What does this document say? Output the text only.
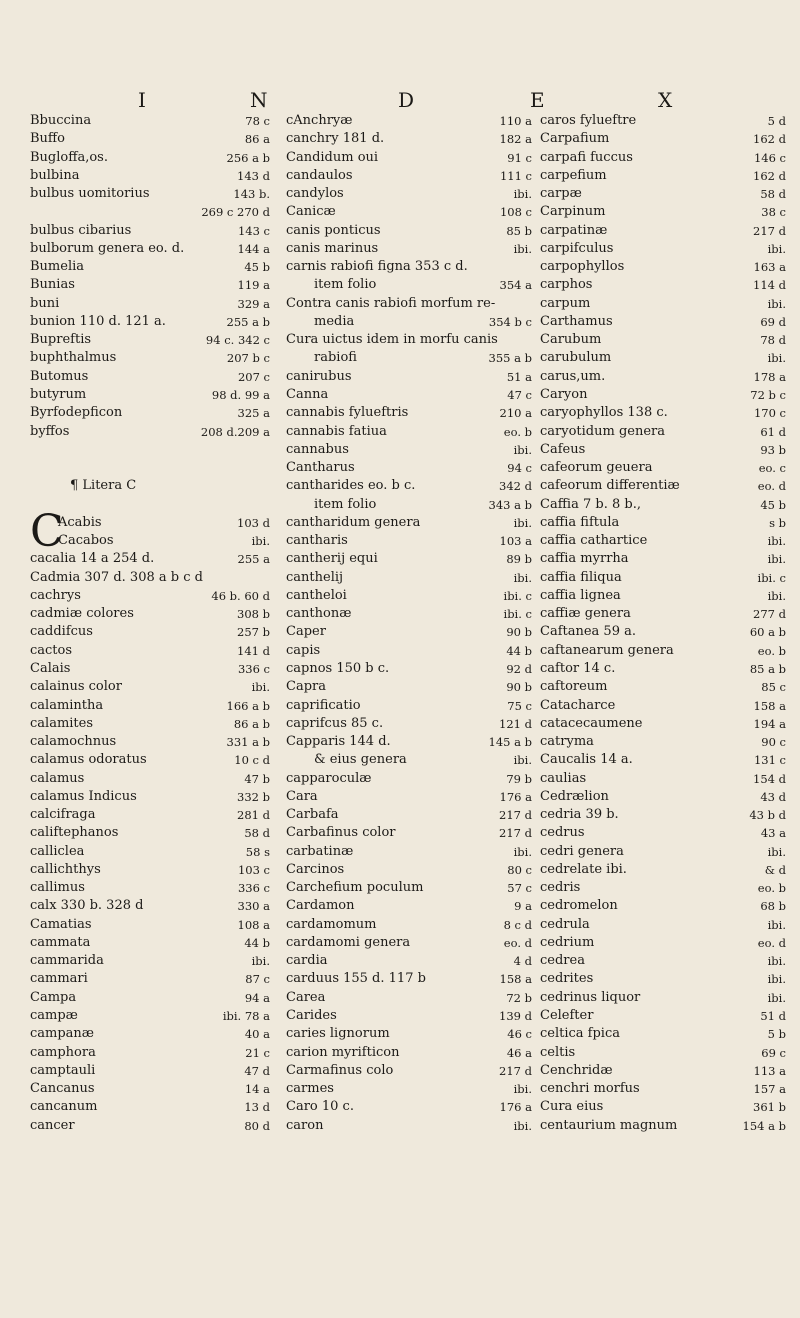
I	N	D	E	X
Bbuccina	78 c
Buffo	86 a
Bugloffa,os.	256 a b
bulbina	143 d
bulbus uomitorius	143 b.
269 c 270 d
bulbus cibarius	143 c
bulborum genera eo. d.	144 a
Bumelia	45 b
Bunias	119 a
buni	329 a
bunion 110 d. 121 a.	255 a b
Bupreftis	94 c. 342 c
buphthalmus	207 b c
Butomus	207 c
butyrum	98 d. 99 a
Byrfodepficon	325 a
byffos	208 d.209 a
¶ Litera C
Acabis	103 d
Cacabos	ibi.
cacalia 14 a 254 d.	255 a
Cadmia 307 d. 308 a b c d
cachrys	46 b. 60 d
cadmiæ colores	308 b
caddifcus	257 b
cactos	141 d
Calais	336 c
calainus color	ibi.
calamintha	166 a b
calamites	86 a b
calamochnus	331 a b
calamus odoratus	10 c d
calamus	47 b
calamus Indicus	332 b
calcifraga	281 d
califtephanos	58 d
calliclea	58 s
callichthys	103 c
callimus	336 c
calx 330 b. 328 d	330 a
Camatias	108 a
cammata	44 b
cammarida	ibi.
cammari	87 c
Campa	94 a
campæ	ibi. 78 a
campanæ	40 a
camphora	21 c
camptauli	47 d
Cancanus	14 a
cancanum	13 d
cancer	80 d
C
cAnchryæ	110 a
canchry 181 d.	182 a
Candidum oui	91 c
candaulos	111 c
candylos	ibi.
Canicæ	108 c
canis ponticus	85 b
canis marinus	ibi.
carnis rabiofi figna 353 c d.
item folio	354 a
Contra canis rabiofi morfum re-
media	354 b c
Cura uictus idem in morfu canis
rabiofi	355 a b
canirubus	51 a
Canna	47 c
cannabis fylueftris	210 a
cannabis fatiua	eo. b
cannabus	ibi.
Cantharus	94 c
cantharides eo. b c.	342 d
item folio	343 a b
cantharidum genera	ibi.
cantharis	103 a
cantherij equi	89 b
canthelij	ibi.
cantheloi	ibi. c
canthonæ	ibi. c
Caper	90 b
capis	44 b
capnos 150 b c.	92 d
Capra	90 b
caprificatio	75 c
caprifcus 85 c.	121 d
Capparis 144 d.	145 a b
& eius genera	ibi.
capparoculæ	79 b
Cara	176 a
Carbafa	217 d
Carbafinus color	217 d
carbatinæ	ibi.
Carcinos	80 c
Carchefium poculum	57 c
Cardamon	9 a
cardamomum	8 c d
cardamomi genera	eo. d
cardia	4 d
carduus 155 d. 117 b	158 a
Carea	72 b
Carides	139 d
caries lignorum	46 c
carion myrifticon	46 a
Carmafinus colo	217 d
carmes	ibi.
Caro 10 c.	176 a
caron	ibi.
caros fylueftre	5 d
Carpafium	162 d
carpafi fuccus	146 c
carpefium	162 d
carpæ	58 d
Carpinum	38 c
carpatinæ	217 d
carpifculus	ibi.
carpophyllos	163 a
carphos	114 d
carpum	ibi.
Carthamus	69 d
Carubum	78 d
carubulum	ibi.
carus,um.	178 a
Caryon	72 b c
caryophyllos 138 c.	170 c
caryotidum genera	61 d
Cafeus	93 b
cafeorum geuera	eo. c
cafeorum differentiæ	eo. d
Caffia 7 b. 8 b.,	45 b
caffia fiftula	s b
caffia cathartice	ibi.
caffia myrrha	ibi.
caffia filiqua	ibi. c
caffia lignea	ibi.
caffiæ genera	277 d
Caftanea 59 a.	60 a b
caftanearum genera	eo. b
caftor 14 c.	85 a b
caftoreum	85 c
Catacharce	158 a
catacecaumene	194 a
catryma	90 c
Caucalis 14 a.	131 c
caulias	154 d
Cedrælion	43 d
cedria 39 b.	43 b d
cedrus	43 a
cedri genera	ibi.
cedrelate ibi.	& d
cedris	eo. b
cedromelon	68 b
cedrula	ibi.
cedrium	eo. d
cedrea	ibi.
cedrites	ibi.
cedrinus liquor	ibi.
Celefter	51 d
celtica fpica	5 b
celtis	69 c
Cenchridæ	113 a
cenchri morfus	157 a
Cura eius	361 b
centaurium magnum	154 a b
